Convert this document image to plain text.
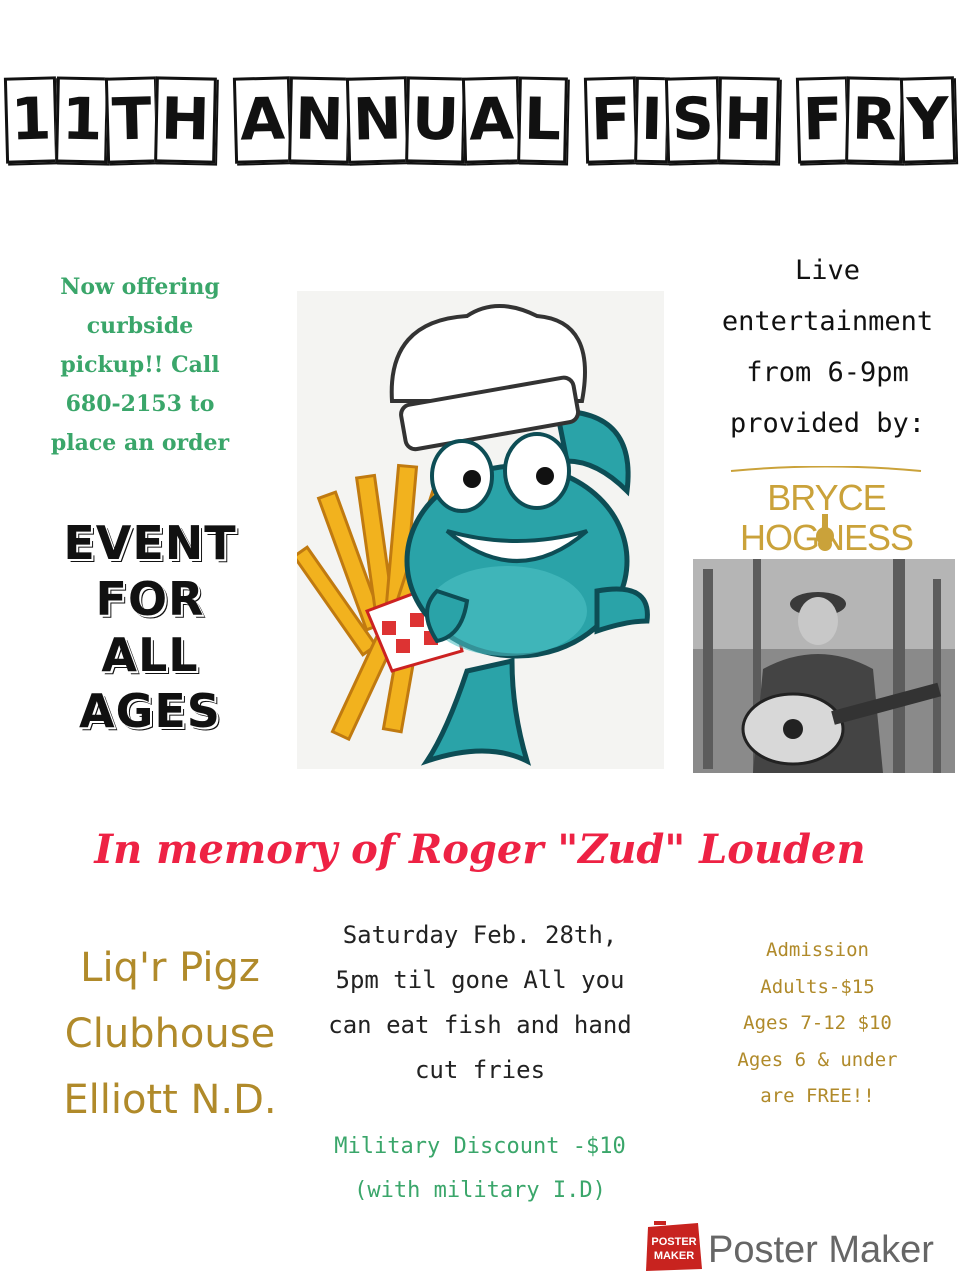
1 1 T H A N N U A L F I S H F R Y
Now offering
curbside
pickup!! Call
680-2153 to
place an order
EVENT
FOR
ALL
AGES
Live
entertainment
from 6-9pm
provided by:
BRYCE HOGNESS
In memory of Roger "Zud" Louden
Liq'r Pigz
Clubhouse
Elliott N.D.
Saturday Feb. 28th,
5pm til gone All you
can eat fish and hand
cut fries
Military Discount -$10
(with military I.D)
Admission
Adults-$15
Ages 7-12 $10
Ages 6 & under
are FREE!!
POSTER
MAKER Poster Maker
